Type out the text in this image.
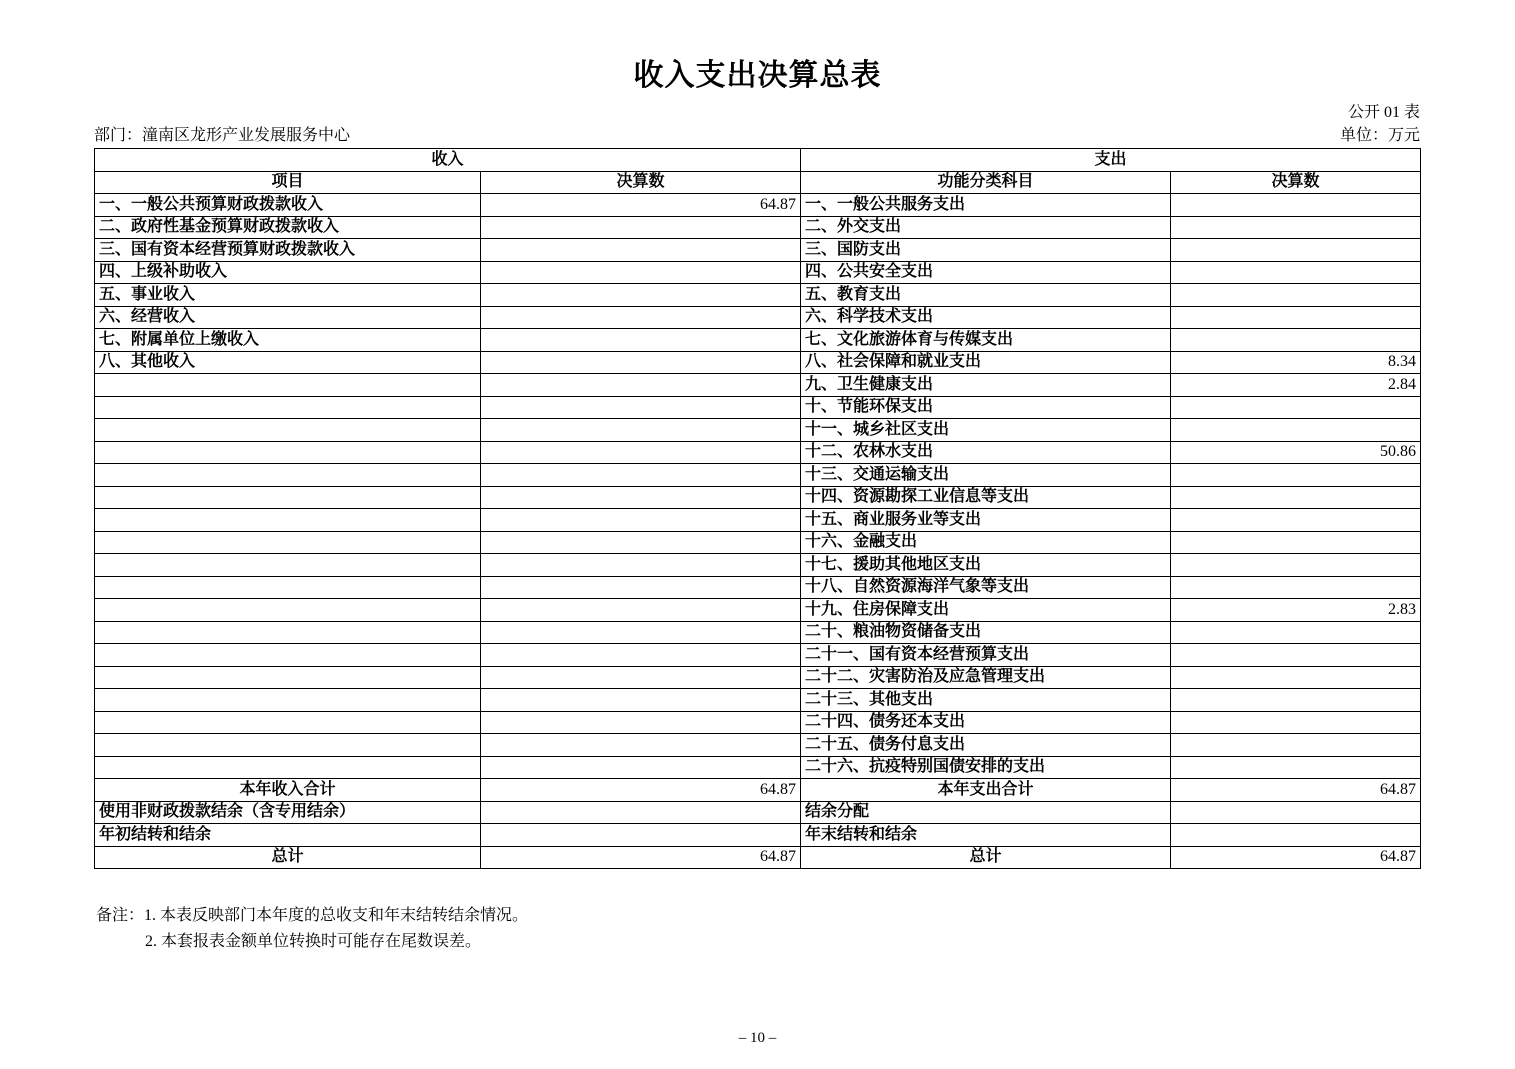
收入支出决算总表
公开 01 表
部门：潼南区龙形产业发展服务中心	单位：万元
收入		支出	
项目	决算数	功能分类科目	决算数
一、一般公共预算财政拨款收入	64.87	一、一般公共服务支出	
二、政府性基金预算财政拨款收入		二、外交支出	
三、国有资本经营预算财政拨款收入		三、国防支出	
四、上级补助收入		四、公共安全支出	
五、事业收入		五、教育支出	
六、经营收入		六、科学技术支出	
七、附属单位上缴收入		七、文化旅游体育与传媒支出	
八、其他收入		八、社会保障和就业支出	8.34
		九、卫生健康支出	2.84
		十、节能环保支出	
		十一、城乡社区支出	
		十二、农林水支出	50.86
		十三、交通运输支出	
		十四、资源勘探工业信息等支出	
		十五、商业服务业等支出	
		十六、金融支出	
		十七、援助其他地区支出	
		十八、自然资源海洋气象等支出	
		十九、住房保障支出	2.83
		二十、粮油物资储备支出	
		二十一、国有资本经营预算支出	
		二十二、灾害防治及应急管理支出	
		二十三、其他支出	
		二十四、债务还本支出	
		二十五、债务付息支出	
		二十六、抗疫特别国债安排的支出	
本年收入合计	64.87	本年支出合计	64.87
使用非财政拨款结余（含专用结余）		结余分配	
年初结转和结余		年末结转和结余	
总计	64.87	总计	64.87
备注：1. 本表反映部门本年度的总收支和年末结转结余情况。
2. 本套报表金额单位转换时可能存在尾数误差。
– 10 –
